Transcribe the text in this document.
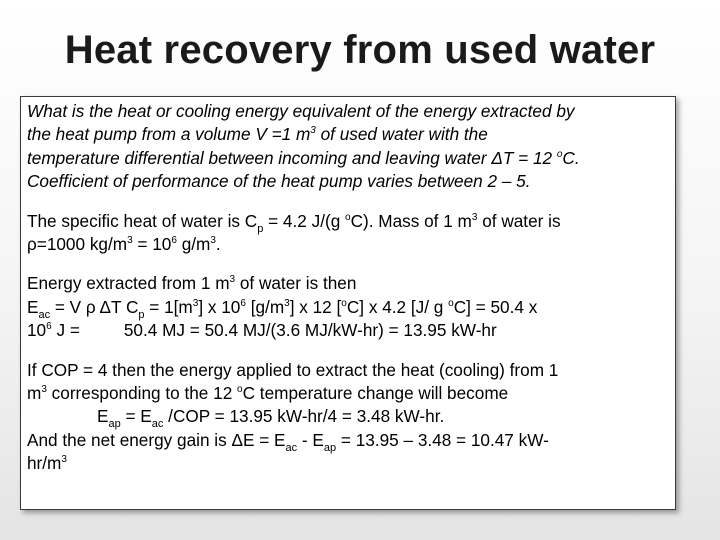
Heat recovery from used water
What is the heat or cooling energy equivalent of the energy extracted by
the heat pump from a volume V =1 $m^3$ of used water with the
temperature differential between incoming and leaving water ΔT = 12 $^o$C.
Coefficient of performance of the heat pump varies between 2 – 5.
The specific heat of water is $C_p = 4.2$ J/(g $^o$C). Mass of 1 $m^3$ of water is
ρ=1000 $kg/m^3 = 10^6$ $g/m^3$.
Energy extracted from 1 $m^3$ of water is then
$E_{ac} = V$ ρ ΔT $C_p = 1[m^3]$ x $10^6$ $[g/m^3]$ x 12 [$^o$C] x 4.2 [J/ g $^o$C] = 50.4 x
$10^6$ J =	50.4 MJ = 50.4 MJ/(3.6 MJ/kW-hr) = 13.95 kW-hr
If COP = 4 then the energy applied to extract the heat (cooling) from 1
$m^3$ corresponding to the 12 $^o$C temperature change will become
$E_{ap} = E_{ac}$ /COP = 13.95 kW-hr/4 = 3.48 kW-hr.
And the net energy gain is $\Delta E = E_{ac} - E_{ap} = 13.95 - 3.48 = 10.47$ kW-
$hr/m^3$
